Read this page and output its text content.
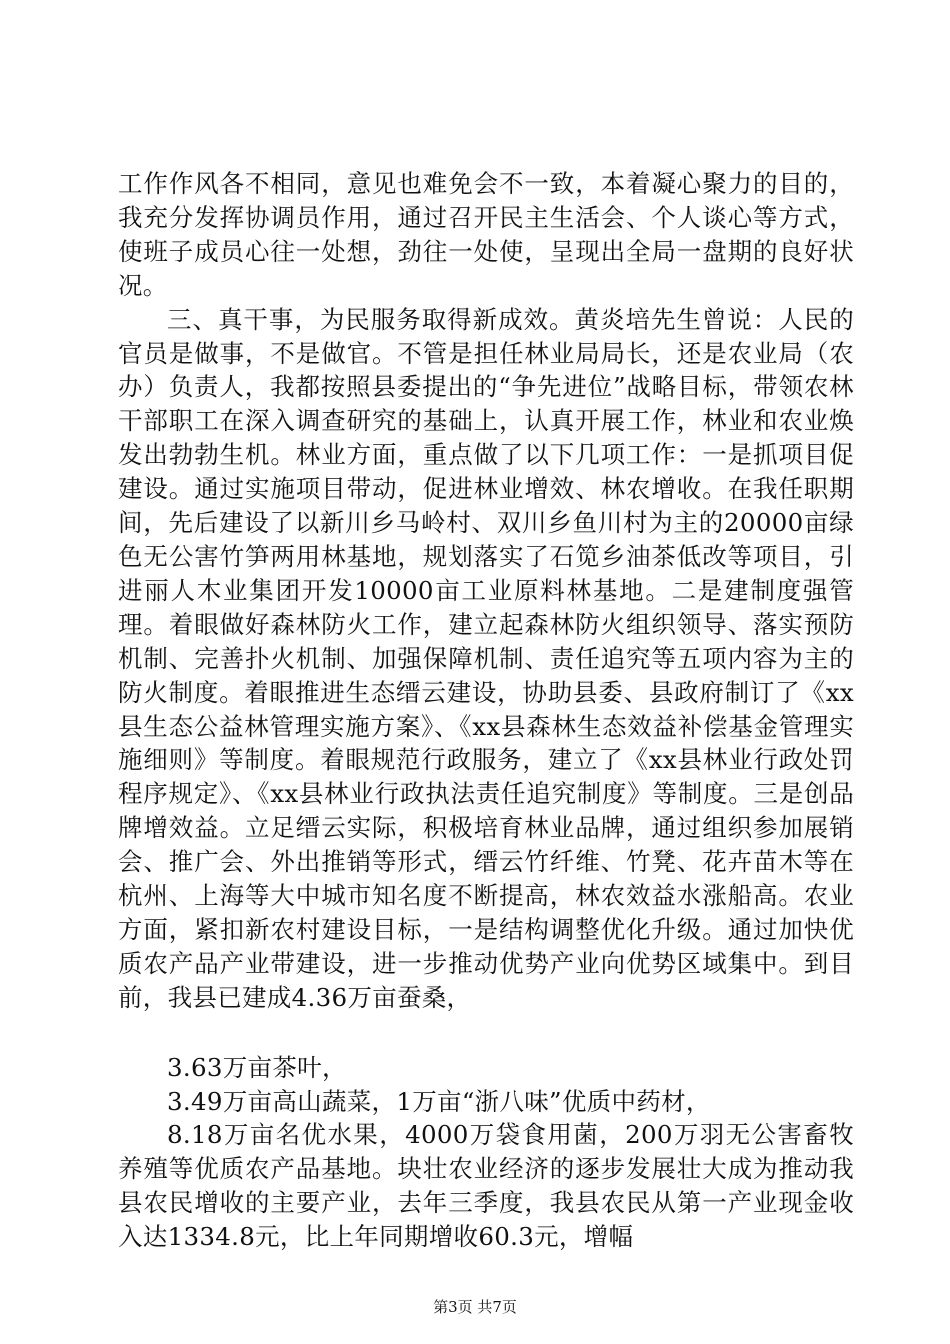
工作作风各不相同，意见也难免会不一致，本着凝心聚力的目的，我充分发挥协调员作用，通过召开民主生活会、个人谈心等方式，使班子成员心往一处想，劲往一处使，呈现出全局一盘期的良好状况。

三、真干事，为民服务取得新成效。黄炎培先生曾说：人民的官员是做事，不是做官。不管是担任林业局局长，还是农业局（农办）负责人，我都按照县委提出的“争先进位”战略目标，带领农林干部职工在深入调查研究的基础上，认真开展工作，林业和农业焕发出勃勃生机。林业方面，重点做了以下几项工作：一是抓项目促建设。通过实施项目带动，促进林业增效、林农增收。在我任职期间，先后建设了以新川乡马岭村、双川乡鱼川村为主的20000亩绿色无公害竹笋两用林基地，规划落实了石笕乡油茶低改等项目，引进丽人木业集团开发10000亩工业原料林基地。二是建制度强管理。着眼做好森林防火工作，建立起森林防火组织领导、落实预防机制、完善扑火机制、加强保障机制、责任追究等五项内容为主的防火制度。着眼推进生态缙云建设，协助县委、县政府制订了《xx县生态公益林管理实施方案》、《xx县森林生态效益补偿基金管理实施细则》等制度。着眼规范行政服务，建立了《xx县林业行政处罚程序规定》、《xx县林业行政执法责任追究制度》等制度。三是创品牌增效益。立足缙云实际，积极培育林业品牌，通过组织参加展销会、推广会、外出推销等形式，缙云竹纤维、竹凳、花卉苗木等在杭州、上海等大中城市知名度不断提高，林农效益水涨船高。农业方面，紧扣新农村建设目标，一是结构调整优化升级。通过加快优质农产品产业带建设，进一步推动优势产业向优势区域集中。到目前，我县已建成4.36万亩蚕桑，

3.63万亩茶叶，

3.49万亩高山蔬菜，1万亩“浙八味”优质中药材，

8.18万亩名优水果，4000万袋食用菌，200万羽无公害畜牧养殖等优质农产品基地。块壮农业经济的逐步发展壮大成为推动我县农民增收的主要产业，去年三季度，我县农民从第一产业现金收入达1334.8元，比上年同期增收60.3元，增幅

第3页 共7页
